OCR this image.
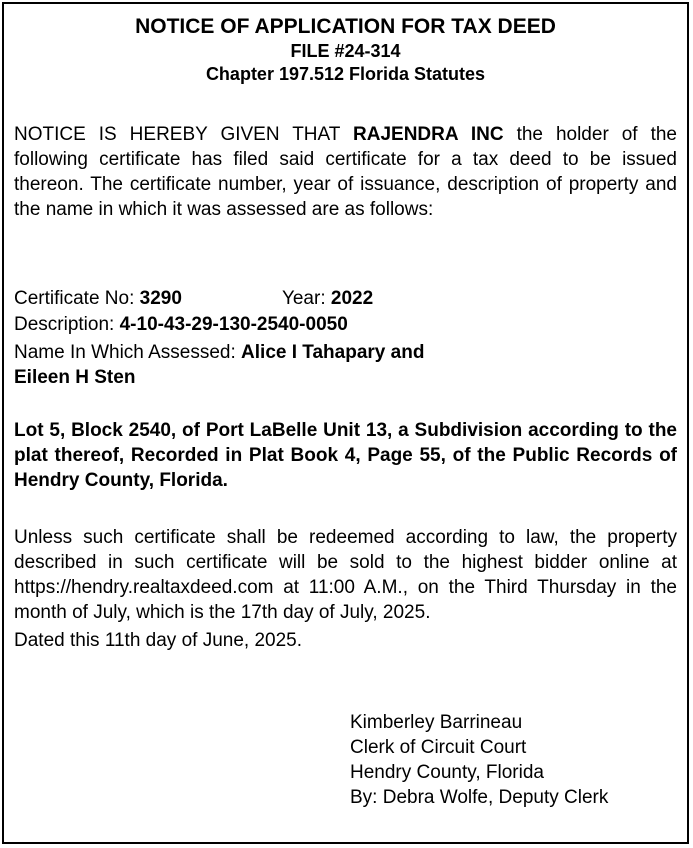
NOTICE OF APPLICATION FOR TAX DEED
FILE #24-314
Chapter 197.512 Florida Statutes
NOTICE IS HEREBY GIVEN THAT RAJENDRA INC the holder of the following certificate has filed said certificate for a tax deed to be issued thereon. The certificate number, year of issuance, description of property and the name in which it was assessed are as follows:
Certificate No: 3290	Year: 2022
Description: 4-10-43-29-130-2540-0050
Name In Which Assessed: Alice I Tahapary and
Eileen H Sten
Lot 5, Block 2540, of Port LaBelle Unit 13, a Subdivision according to the plat thereof, Recorded in Plat Book 4, Page 55, of the Public Records of Hendry County, Florida.
Unless such certificate shall be redeemed according to law, the property described in such certificate will be sold to the highest bidder online at https://hendry.realtaxdeed.com at 11:00 A.M., on the Third Thursday in the month of July, which is the 17th day of July, 2025.
Dated this 11th day of June, 2025.
Kimberley Barrineau
Clerk of Circuit Court
Hendry County, Florida
By: Debra Wolfe, Deputy Clerk
